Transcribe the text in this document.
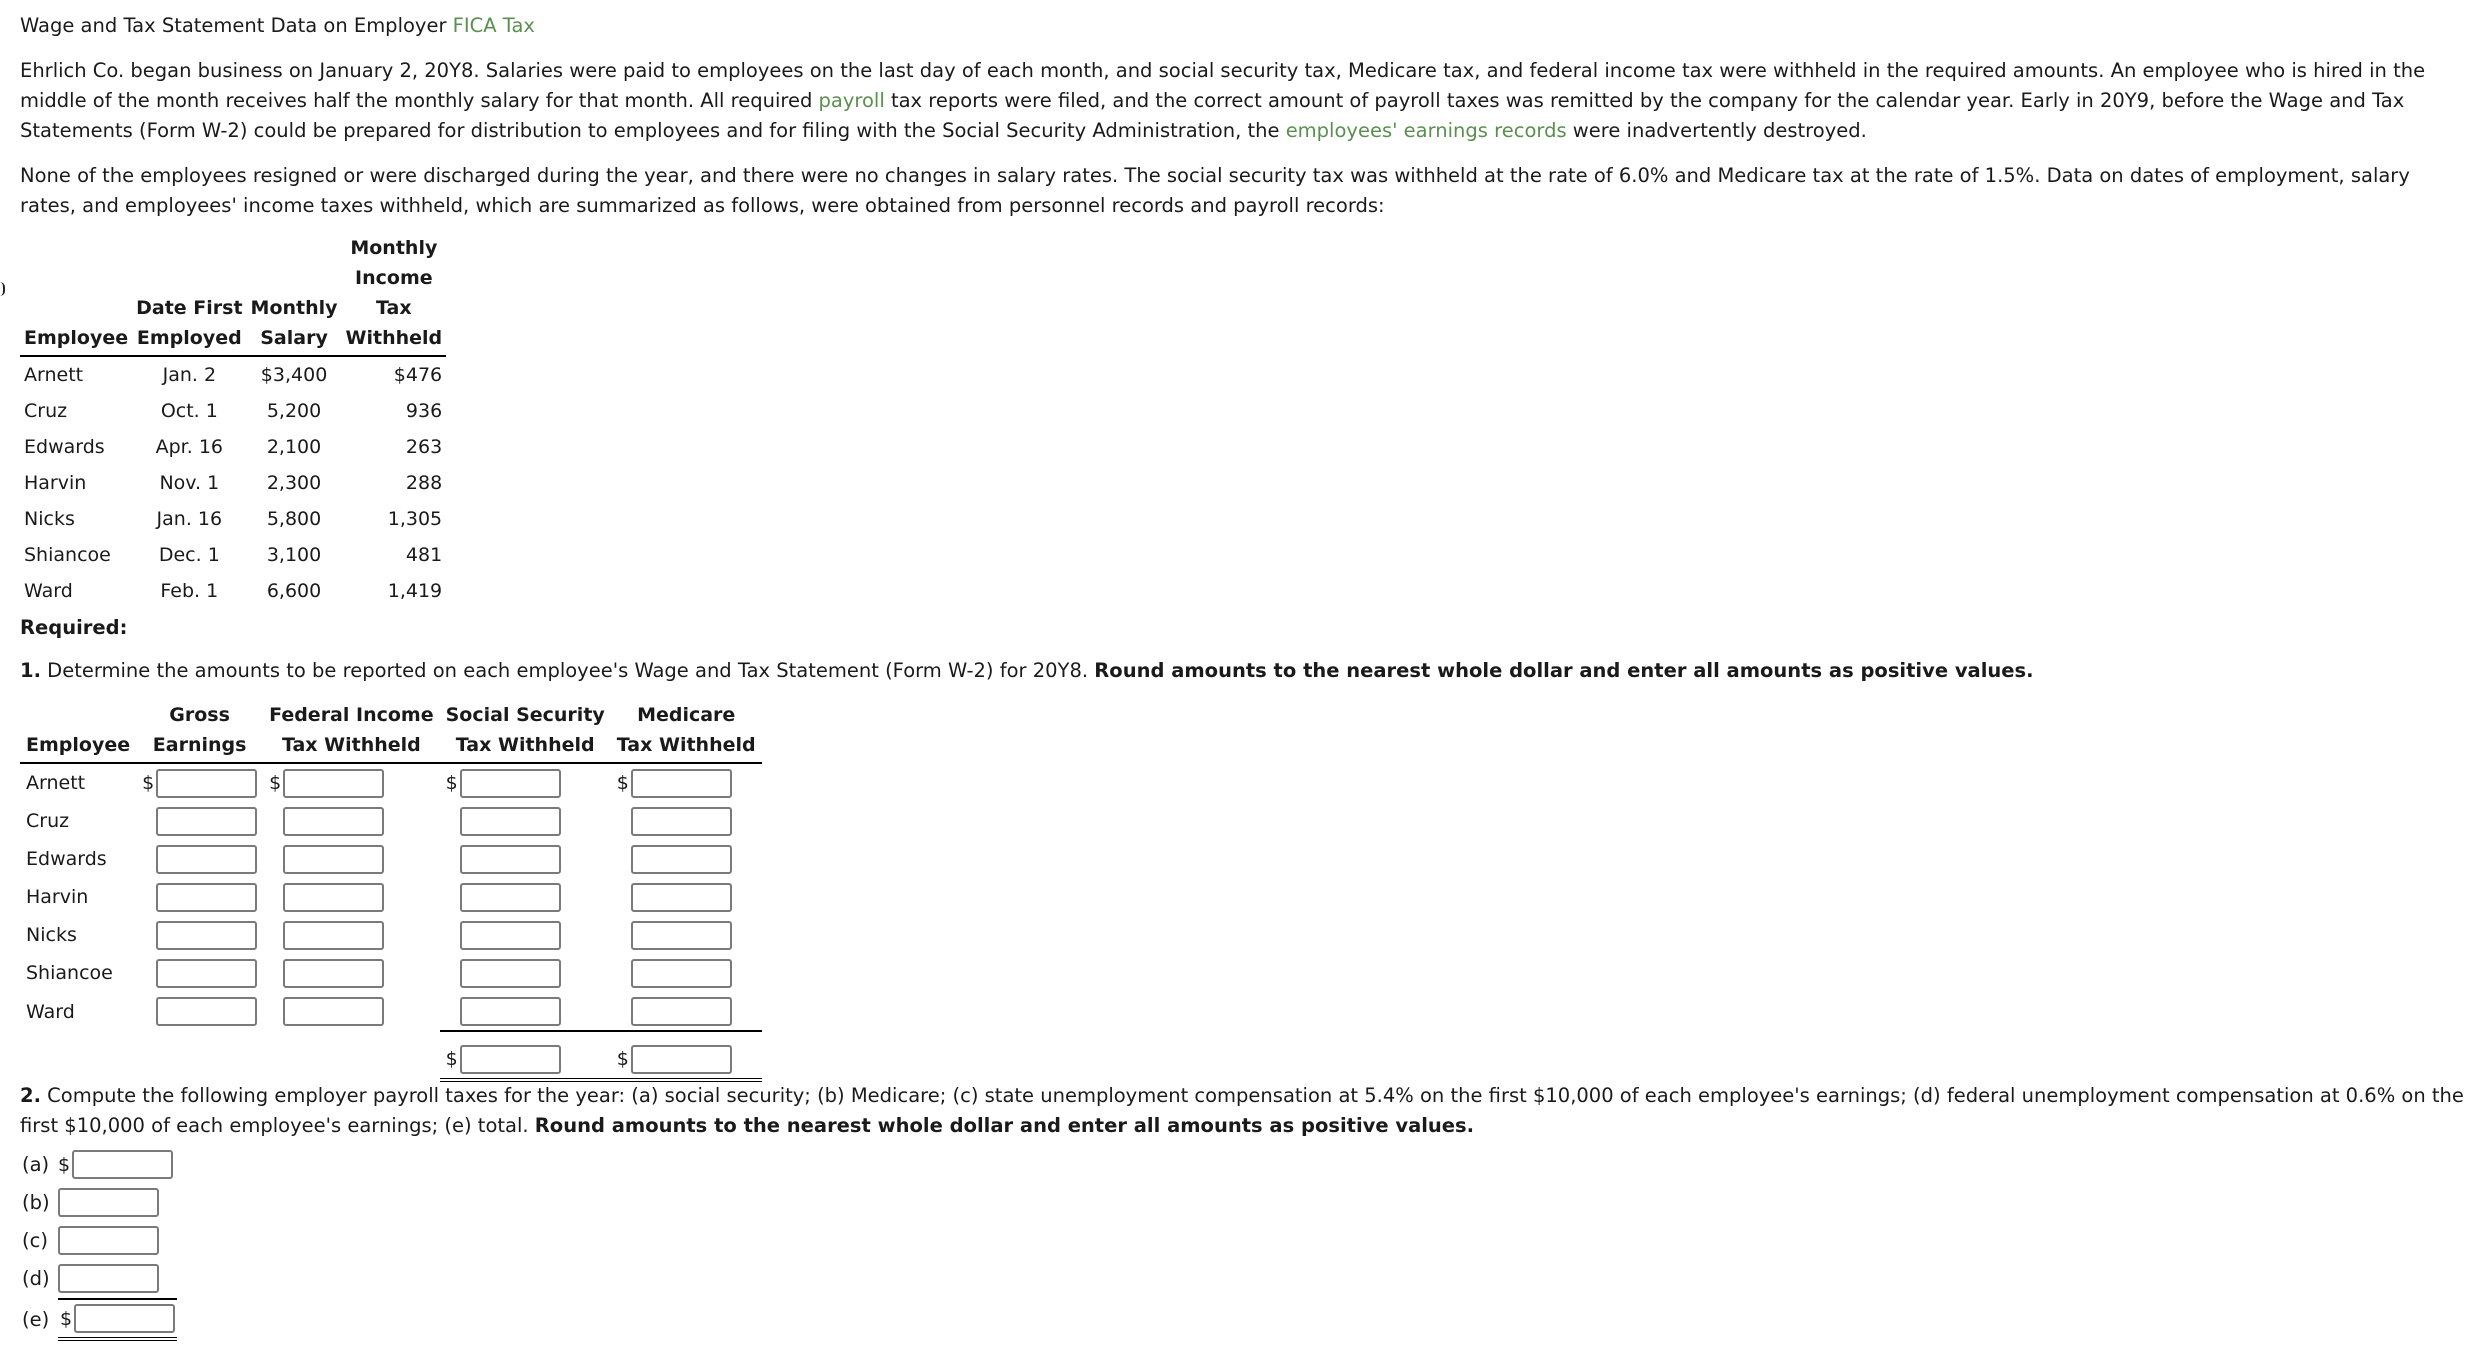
Wage and Tax Statement Data on Employer FICA Tax
Ehrlich Co. began business on January 2, 20Y8. Salaries were paid to employees on the last day of each month, and social security tax, Medicare tax, and federal income tax were withheld in the required amounts. An employee who is hired in the middle of the month receives half the monthly salary for that month. All required payroll tax reports were filed, and the correct amount of payroll taxes was remitted by the company for the calendar year. Early in 20Y9, before the Wage and Tax Statements (Form W-2) could be prepared for distribution to employees and for filing with the Social Security Administration, the employees' earnings records were inadvertently destroyed.
None of the employees resigned or were discharged during the year, and there were no changes in salary rates. The social security tax was withheld at the rate of 6.0% and Medicare tax at the rate of 1.5%. Data on dates of employment, salary rates, and employees' income taxes withheld, which are summarized as follows, were obtained from personnel records and payroll records:
			Monthly
			Income
	Date First	Monthly	Tax
Employee	Employed	Salary	Withheld
Arnett	Jan. 2	$3,400	$476
Cruz	Oct. 1	5,200	936
Edwards	Apr. 16	2,100	263
Harvin	Nov. 1	2,300	288
Nicks	Jan. 16	5,800	1,305
Shiancoe	Dec. 1	3,100	481
Ward	Feb. 1	6,600	1,419
Required:
1. Determine the amounts to be reported on each employee's Wage and Tax Statement (Form W-2) for 20Y8. Round amounts to the nearest whole dollar and enter all amounts as positive values.
	Gross	Federal Income	Social Security	Medicare
Employee	Earnings	Tax Withheld	Tax Withheld	Tax Withheld
Arnett	$	$	$	$

Cruz	

Edwards	

Harvin	

Nicks	

Shiancoe	

Ward	

			$	$
2. Compute the following employer payroll taxes for the year: (a) social security; (b) Medicare; (c) state unemployment compensation at 5.4% on the first $10,000 of each employee's earnings; (d) federal unemployment compensation at 0.6% on the first $10,000 of each employee's earnings; (e) total. Round amounts to the nearest whole dollar and enter all amounts as positive values.
(a) $
(b)
(c)
(d)
(e) $
